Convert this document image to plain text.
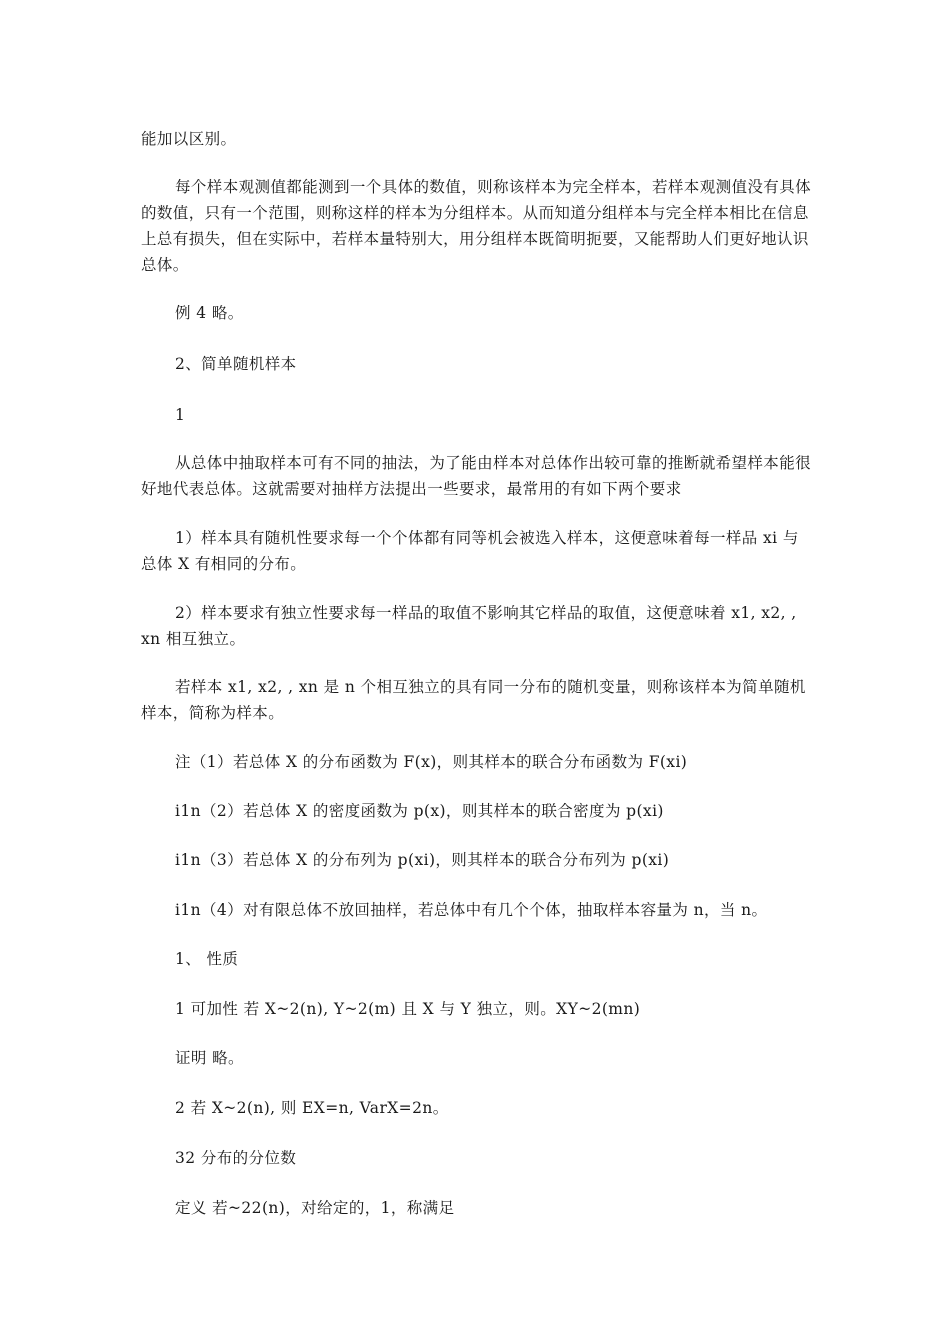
能加以区别。

每个样本观测值都能测到一个具体的数值，则称该样本为完全样本，若样本观测值没有具体的数值，只有一个范围，则称这样的样本为分组样本。从而知道分组样本与完全样本相比在信息上总有损失，但在实际中，若样本量特别大，用分组样本既简明扼要，又能帮助人们更好地认识总体。

例 4 略。

2、简单随机样本

1

从总体中抽取样本可有不同的抽法，为了能由样本对总体作出较可靠的推断就希望样本能很好地代表总体。这就需要对抽样方法提出一些要求，最常用的有如下两个要求

1）样本具有随机性要求每一个个体都有同等机会被选入样本，这便意味着每一样品 xi 与总体 X 有相同的分布。

2）样本要求有独立性要求每一样品的取值不影响其它样品的取值，这便意味着 x1, x2, , xn 相互独立。

若样本 x1, x2, , xn 是 n 个相互独立的具有同一分布的随机变量，则称该样本为简单随机样本，简称为样本。

注（1）若总体 X 的分布函数为 F(x)，则其样本的联合分布函数为 F(xi)

i1n（2）若总体 X 的密度函数为 p(x)，则其样本的联合密度为 p(xi)

i1n（3）若总体 X 的分布列为 p(xi)，则其样本的联合分布列为 p(xi)

i1n（4）对有限总体不放回抽样，若总体中有几个个体，抽取样本容量为 n，当 n。

1、 性质

1 可加性 若 X~2(n), Y~2(m) 且 X 与 Y 独立，则。XY~2(mn)

证明 略。

2 若 X~2(n), 则 EX=n, VarX=2n。

32 分布的分位数

定义 若~22(n)，对给定的，1，称满足
